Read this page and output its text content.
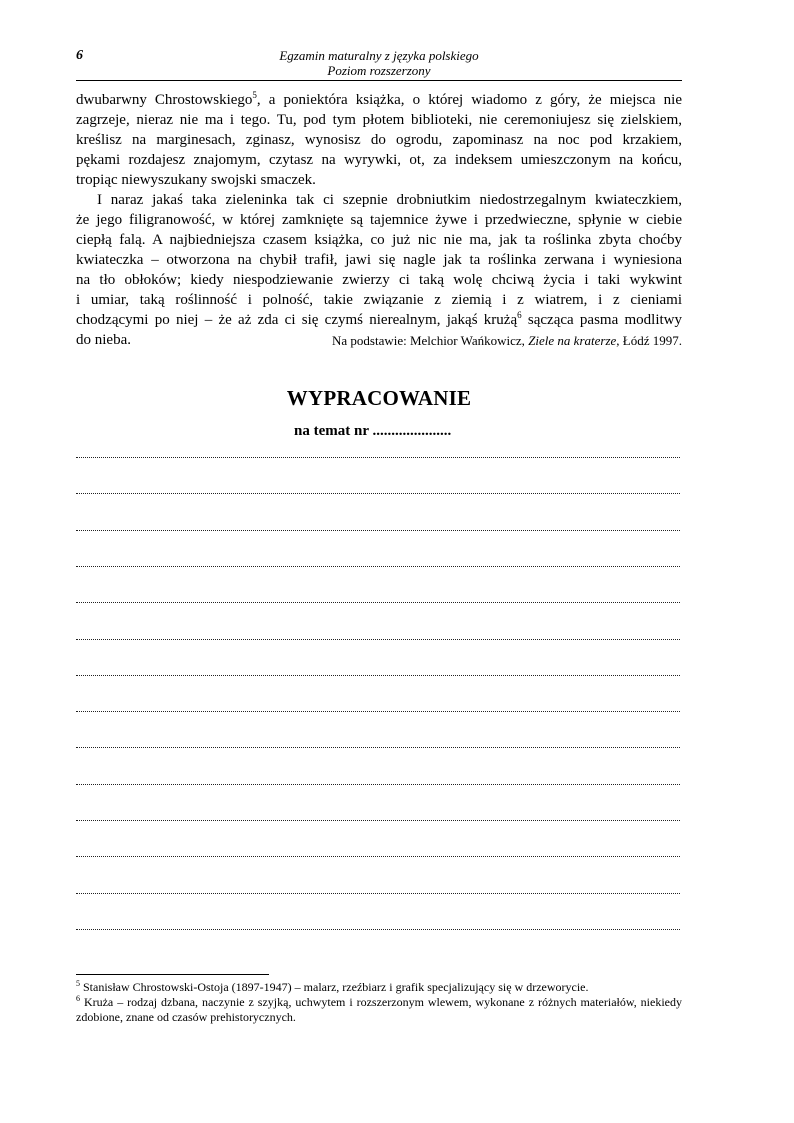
6	Egzamin maturalny z języka polskiego
Poziom rozszerzony

dwubarwny Chrostowskiego$^5$, a poniektóra książka, o której wiadomo z góry, że miejsca nie
zagrzeje, nieraz nie ma i tego. Tu, pod tym płotem biblioteki, nie ceremoniujesz się zielskiem,
kreślisz na marginesach, zginasz, wynosisz do ogrodu, zapominasz na noc pod krzakiem,
pękami rozdajesz znajomym, czytasz na wyrywki, ot, za indeksem umieszczonym na końcu,
tropiąc niewyszukany swojski smaczek.

I naraz jakaś taka zieleninka tak ci szepnie drobniutkim niedostrzegalnym kwiateczkiem,
że jego filigranowość, w której zamknięte są tajemnice żywe i przedwieczne, spłynie w ciebie
ciepłą falą. A najbiedniejsza czasem książka, co już nic nie ma, jak ta roślinka zbyta choćby
kwiateczka – otworzona na chybił trafił, jawi się nagle jak ta roślinka zerwana i wyniesiona
na tło obłoków; kiedy niespodziewanie zwierzy ci taką wolę chciwą życia i taki wykwint
i umiar, taką roślinność i polność, takie związanie z ziemią i z wiatrem, i z cieniami
chodzącymi po niej – że aż zda ci się czymś nierealnym, jakąś krużą$^6$ sącząca pasma modlitwy
do nieba.	Na podstawie: Melchior Wańkowicz, Ziele na kraterze, Łódź 1997.
WYPRACOWANIE
na temat nr .....................

$^5$ Stanisław Chrostowski-Ostoja (1897-1947) – malarz, rzeźbiarz i grafik specjalizujący się w drzeworycie.

$^6$ Kruża – rodzaj dzbana, naczynie z szyjką, uchwytem i rozszerzonym wlewem, wykonane z różnych materiałów, niekiedy zdobione, znane od czasów prehistorycznych.
